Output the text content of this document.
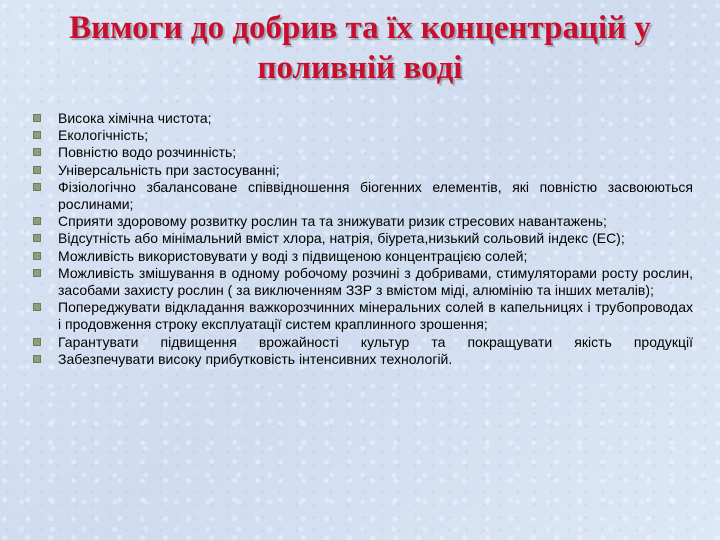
Вимоги до добрив та їх концентрацій у поливній воді
Висока хімічна чистота;
Екологічність;
Повністю водо розчинність;
Універсальність при застосуванні;
Фізіологічно збалансоване співвідношення біогенних елементів, які повністю засвоюються рослинами;
Сприяти здоровому розвитку рослин та та знижувати ризик стресових навантажень;
Відсутність або мінімальний вміст хлора, натрія, біурета,низький сольовий індекс (ЕС);
Можливість використовувати у воді з підвищеною концентрацією солей;
Можливість змішування в одному робочому розчині з добривами, стимуляторами росту рослин, засобами захисту рослин ( за виключенням ЗЗР з вмістом міді, алюмінію та інших металів);
Попереджувати відкладання важкорозчинних мінеральних солей в капельницях і трубопроводах і продовження строку експлуатації систем краплинного зрошення;
Гарантувати підвищення врожайності культур та покращувати якість продукції
Забезпечувати високу прибутковість інтенсивних технологій.
